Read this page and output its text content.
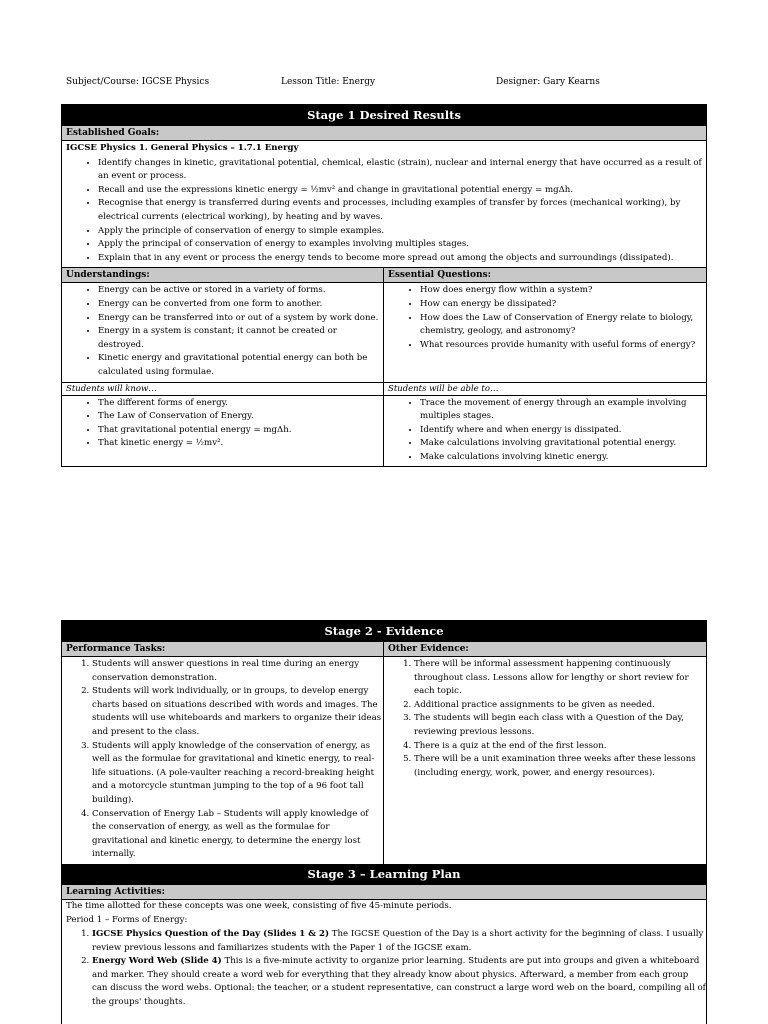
Subject/Course: IGCSE Physics	Lesson Title: Energy	Designer: Gary Kearns
Stage 1 Desired Results
Established Goals:
IGCSE Physics 1. General Physics – 1.7.1 Energy
• Identify changes in kinetic, gravitational potential, chemical, elastic (strain), nuclear and internal energy that have occurred as a result of an event or process.
• Recall and use the expressions kinetic energy = ½mv² and change in gravitational potential energy = mgΔh.
• Recognise that energy is transferred during events and processes, including examples of transfer by forces (mechanical working), by electrical currents (electrical working), by heating and by waves.
• Apply the principle of conservation of energy to simple examples.
• Apply the principal of conservation of energy to examples involving multiples stages.
• Explain that in any event or process the energy tends to become more spread out among the objects and surroundings (dissipated).
Understandings:
• Energy can be active or stored in a variety of forms.
• Energy can be converted from one form to another.
• Energy can be transferred into or out of a system by work done.
• Energy in a system is constant; it cannot be created or destroyed.
• Kinetic energy and gravitational potential energy can both be calculated using formulae.
Essential Questions:
• How does energy flow within a system?
• How can energy be dissipated?
• How does the Law of Conservation of Energy relate to biology, chemistry, geology, and astronomy?
• What resources provide humanity with useful forms of energy?
Students will know…
• The different forms of energy.
• The Law of Conservation of Energy.
• That gravitational potential energy = mgΔh.
• That kinetic energy = ½mv².
Students will be able to…
• Trace the movement of energy through an example involving multiples stages.
• Identify where and when energy is dissipated.
• Make calculations involving gravitational potential energy.
• Make calculations involving kinetic energy.
Stage 2 - Evidence
Performance Tasks:
1. Students will answer questions in real time during an energy conservation demonstration.
2. Students will work individually, or in groups, to develop energy charts based on situations described with words and images. The students will use whiteboards and markers to organize their ideas and present to the class.
3. Students will apply knowledge of the conservation of energy, as well as the formulae for gravitational and kinetic energy, to real-life situations. (A pole-vaulter reaching a record-breaking height and a motorcycle stuntman jumping to the top of a 96 foot tall building).
4. Conservation of Energy Lab – Students will apply knowledge of the conservation of energy, as well as the formulae for gravitational and kinetic energy, to determine the energy lost internally.
Other Evidence:
1. There will be informal assessment happening continuously throughout class. Lessons allow for lengthy or short review for each topic.
2. Additional practice assignments to be given as needed.
3. The students will begin each class with a Question of the Day, reviewing previous lessons.
4. There is a quiz at the end of the first lesson.
5. There will be a unit examination three weeks after these lessons (including energy, work, power, and energy resources).
Stage 3 – Learning Plan
Learning Activities:
The time allotted for these concepts was one week, consisting of five 45-minute periods.
Period 1 – Forms of Energy:
1. IGCSE Physics Question of the Day (Slides 1 & 2) The IGCSE Question of the Day is a short activity for the beginning of class. I usually review previous lessons and familiarizes students with the Paper 1 of the IGCSE exam.
2. Energy Word Web (Slide 4) This is a five-minute activity to organize prior learning. Students are put into groups and given a whiteboard and marker. They should create a word web for everything that they already know about physics. Afterward, a member from each group can discuss the word webs. Optional: the teacher, or a student representative, can construct a large word web on the board, compiling all of the groups' thoughts.
